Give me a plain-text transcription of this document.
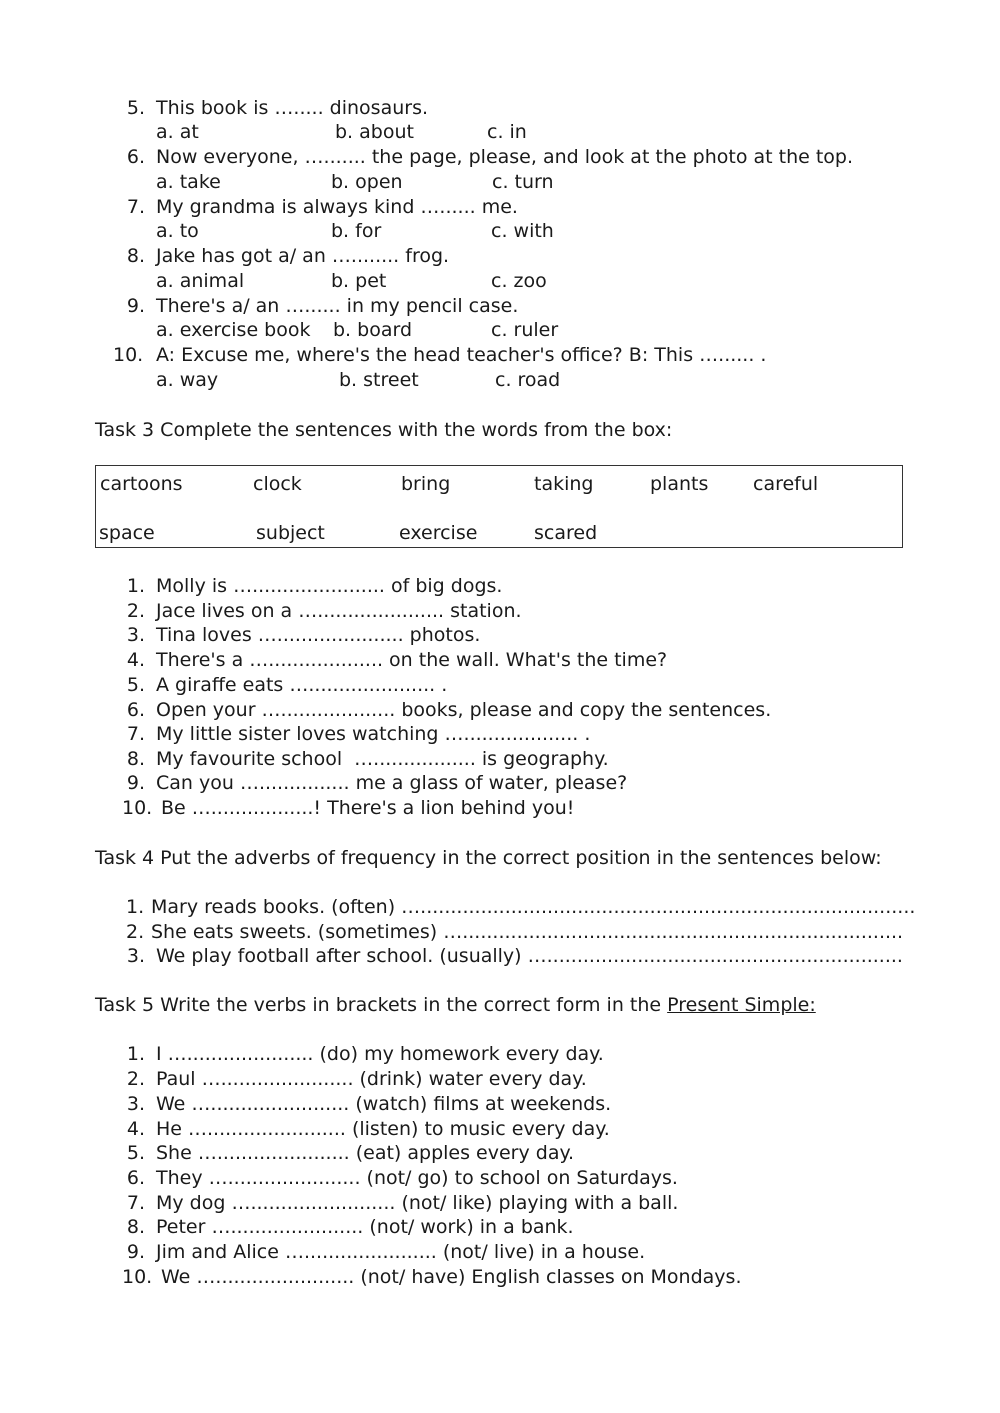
5. This book is …..... dinosaurs.
a. at	b. about	c. in
6. Now everyone, …....... the page, please, and look at the photo at the top.
a. take	b. open	c. turn
7. My grandma is always kind …...... me.
a. to	b. for	c. with
8. Jake has got a/ an …........ frog.
a. animal	b. pet	c. zoo
9. There's a/ an …...... in my pencil case.
a. exercise book b. board	c. ruler
10. A: Excuse me, where's the head teacher's office? B: This …...... .
a. way	b. street	c. road
Task 3 Complete the sentences with the words from the box:
cartoons	clock	bring	taking	plants careful
space	subject	exercise	scared
1. Molly is …...................... of big dogs.
2. Jace lives on a …..................... station.
3. Tina loves …..................... photos.
4. There's a …................... on the wall. What's the time?
5. A giraffe eats …..................... .
6. Open your …................... books, please and copy the sentences.
7. My little sister loves watching …................... .
8. My favourite school  …................. is geography.
9. Can you …............... me a glass of water, please?
10. Be ….................! There's a lion behind you!
Task 4 Put the adverbs of frequency in the correct position in the sentences below:
1. Mary reads books. (often) …..................................................................................
2. She eats sweets. (sometimes) ….........................................................................
3. We play football after school. (usually) …...........................................................
Task 5 Write the verbs in brackets in the correct form in the Present Simple:
1. I …..................... (do) my homework every day.
2. Paul …...................... (drink) water every day.
3. We …....................... (watch) films at weekends.
4. He …....................... (listen) to music every day.
5. She …...................... (eat) apples every day.
6. They …...................... (not/ go) to school on Saturdays.
7. My dog …........................ (not/ like) playing with a ball.
8. Peter …...................... (not/ work) in a bank.
9. Jim and Alice …...................... (not/ live) in a house.
10. We …....................... (not/ have) English classes on Mondays.
